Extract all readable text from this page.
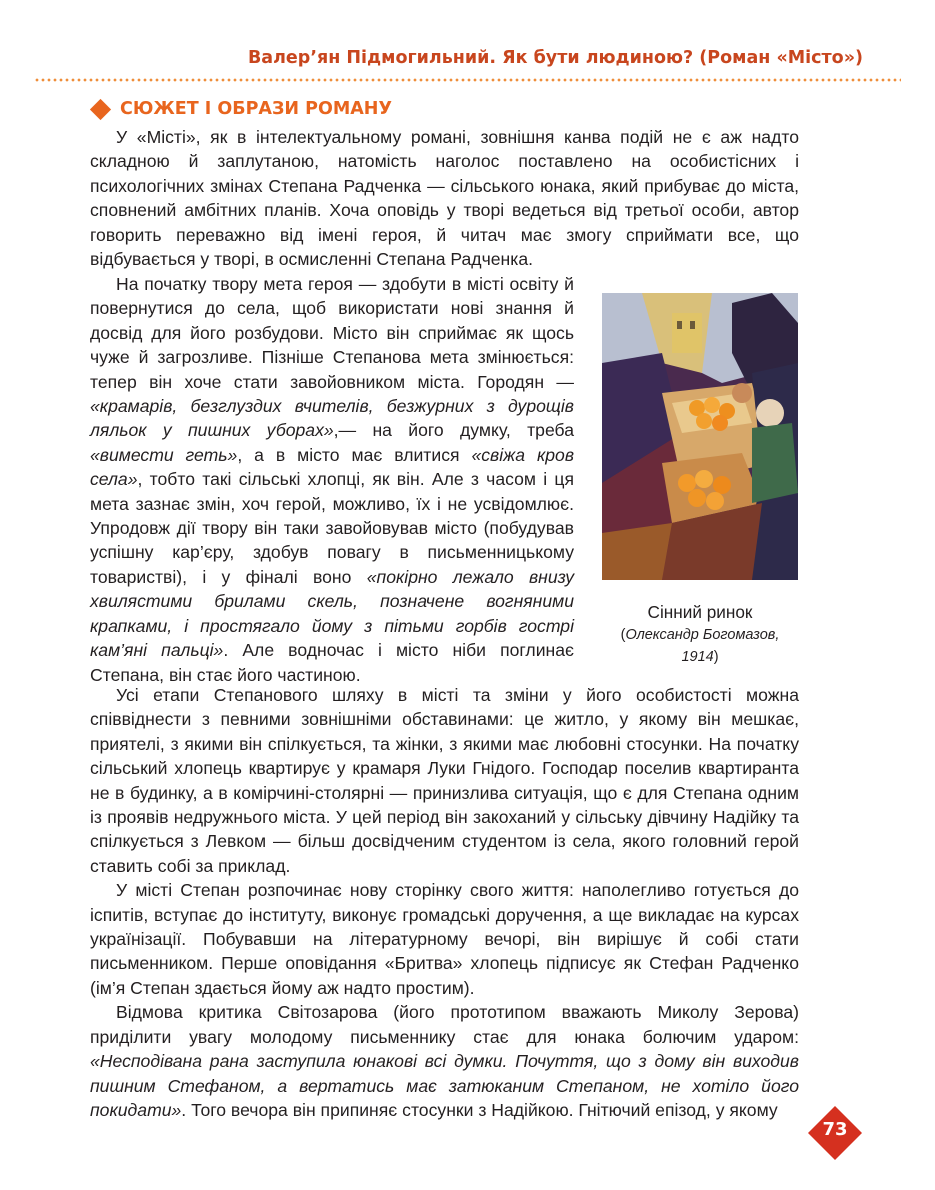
Валер’ян Підмогильний. Як бути людиною? (Роман «Місто»)
СЮЖЕТ І ОБРАЗИ РОМАНУ

У «Місті», як в інтелектуальному романі, зовнішня канва подій не є аж надто складною й заплутаною, натомість наголос поставлено на особистісних і психологічних змінах Степана Радченка — сільського юнака, який прибуває до міста, сповнений амбітних планів. Хоча оповідь у творі ведеться від третьої особи, автор говорить переважно від імені героя, й читач має змогу сприймати все, що відбувається у творі, в осмисленні Степана Радченка.

На початку твору мета героя — здобути в місті освіту й повернутися до села, щоб використати нові знання й досвід для його розбудови. Місто він сприймає як щось чуже й загрозливе. Пізніше Степанова мета змінюється: тепер він хоче стати завойовником міста. Городян — «крамарів, безглуздих вчителів, безжурних з дурощів ляльок у пишних уборах»,— на його думку, треба «вимести геть», а в місто має влитися «свіжа кров села», тобто такі сільські хлопці, як він. Але з часом і ця мета зазнає змін, хоч герой, можливо, їх і не усвідомлює. Упродовж дії твору він таки завойовував місто (побудував успішну кар’єру, здобув повагу в письменницькому товаристві), і у фіналі воно «покірно лежало внизу хвилястими брилами скель, позначене вогняними крапками, і простягало йому з пітьми горбів гострі кам’яні пальці». Але водночас і місто ніби поглинає Степана, він стає його частиною.

Сінний ринок
(Олександр Богомазов, 1914)

Усі етапи Степанового шляху в місті та зміни у його особистості можна співвіднести з певними зовнішніми обставинами: це житло, у якому він мешкає, приятелі, з якими він спілкується, та жінки, з якими має любовні стосунки. На початку сільський хлопець квартирує у крамаря Луки Гнідого. Господар поселив квартиранта не в будинку, а в комірчині-столярні — принизлива ситуація, що є для Степана одним із проявів недружнього міста. У цей період він закоханий у сільську дівчину Надійку та спілкується з Левком — більш досвідченим студентом із села, якого головний герой ставить собі за приклад.

У місті Степан розпочинає нову сторінку свого життя: наполегливо готується до іспитів, вступає до інституту, виконує громадські доручення, а ще викладає на курсах українізації. Побувавши на літературному вечорі, він вирішує й собі стати письменником. Перше оповідання «Бритва» хлопець підписує як Стефан Радченко (ім’я Степан здається йому аж надто простим).

Відмова критика Світозарова (його прототипом вважають Миколу Зерова) приділити увагу молодому письменнику стає для юнака болючим ударом: «Несподівана рана заступила юнакові всі думки. Почуття, що з дому він виходив пишним Стефаном, а вертатись має затюканим Степаном, не хотіло його покидати». Того вечора він припиняє стосунки з Надійкою. Гнітючий епізод, у якому

73
